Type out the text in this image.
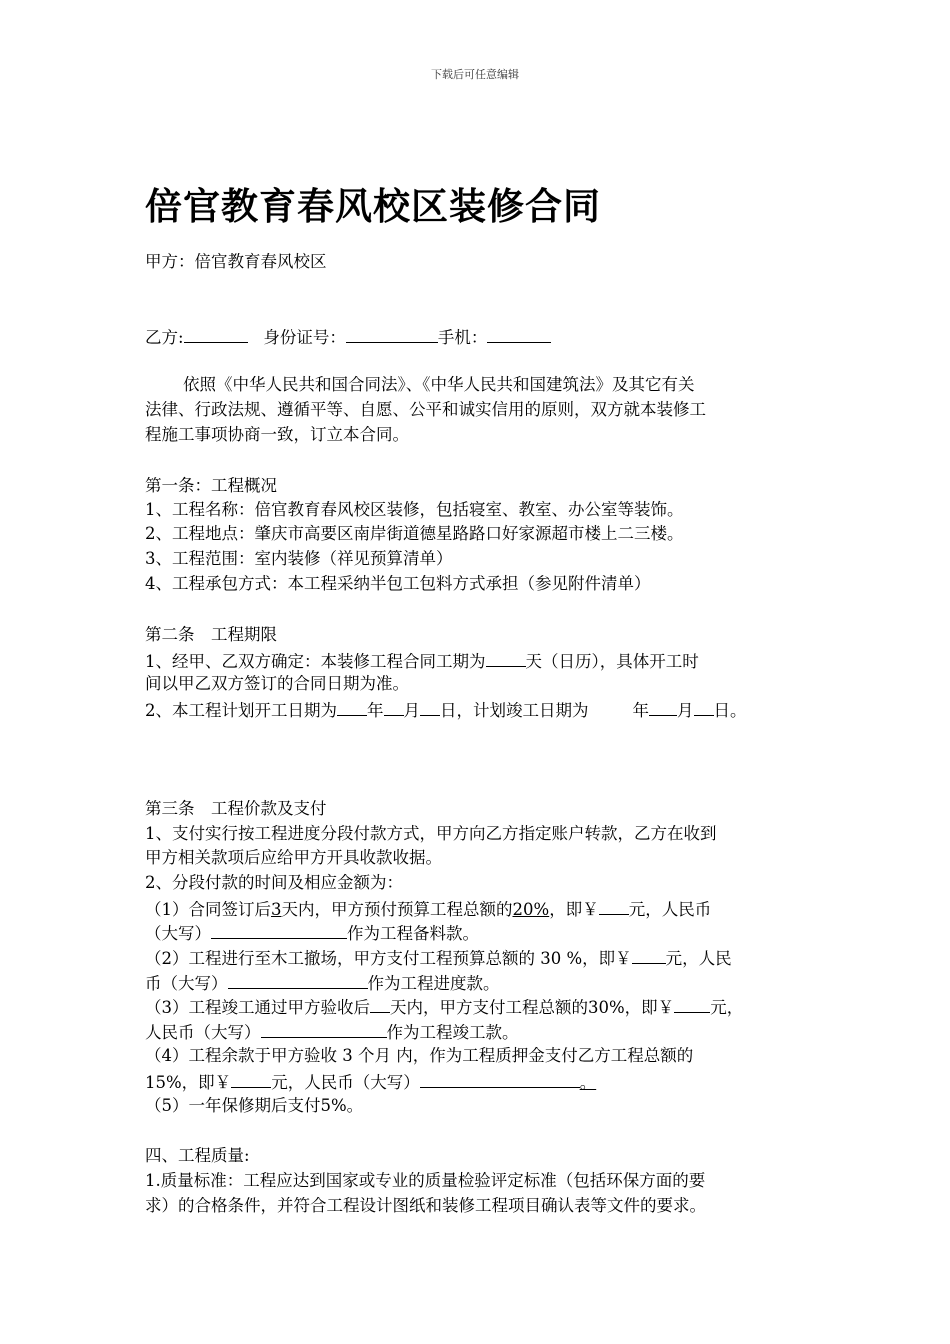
下载后可任意编辑
倍官教育春风校区装修合同
甲方：倍官教育春风校区
乙方:	身份证号：	手机：
依照《中华人民共和国合同法》、《中华人民共和国建筑法》及其它有关
法律、行政法规、遵循平等、自愿、公平和诚实信用的原则，双方就本装修工
程施工事项协商一致，订立本合同。
第一条：工程概况
1、工程名称：倍官教育春风校区装修，包括寝室、教室、办公室等装饰。
2、工程地点：肇庆市高要区南岸街道德星路路口好家源超市楼上二三楼。
3、工程范围：室内装修（祥见预算清单）
4、工程承包方式：本工程采纳半包工包料方式承担（参见附件清单）
第二条　工程期限
1、经甲、乙双方确定：本装修工程合同工期为 天（日历），具体开工时
间以甲乙双方签订的合同日期为准。
2、本工程计划开工日期为 年 月 日，计划竣工日期为	年 月 日。
第三条　工程价款及支付
1、支付实行按工程进度分段付款方式，甲方向乙方指定账户转款，乙方在收到
甲方相关款项后应给甲方开具收款收据。
2、分段付款的时间及相应金额为：
（1）合同签订后3天内，甲方预付预算工程总额的20%，即￥ 元，人民币
（大写）	作为工程备料款。
（2）工程进行至木工撤场，甲方支付工程预算总额的 30 %，即￥ 元，人民
币（大写）	作为工程进度款。
（3）工程竣工通过甲方验收后 天内，甲方支付工程总额的30%，即￥ 元，
人民币（大写）	作为工程竣工款。
（4）工程余款于甲方验收 3 个月 内，作为工程质押金支付乙方工程总额的
15%，即￥ 元，人民币（大写）	。
（5）一年保修期后支付5%。
四、工程质量:
1.质量标准：工程应达到国家或专业的质量检验评定标准（包括环保方面的要
求）的合格条件，并符合工程设计图纸和装修工程项目确认表等文件的要求。
